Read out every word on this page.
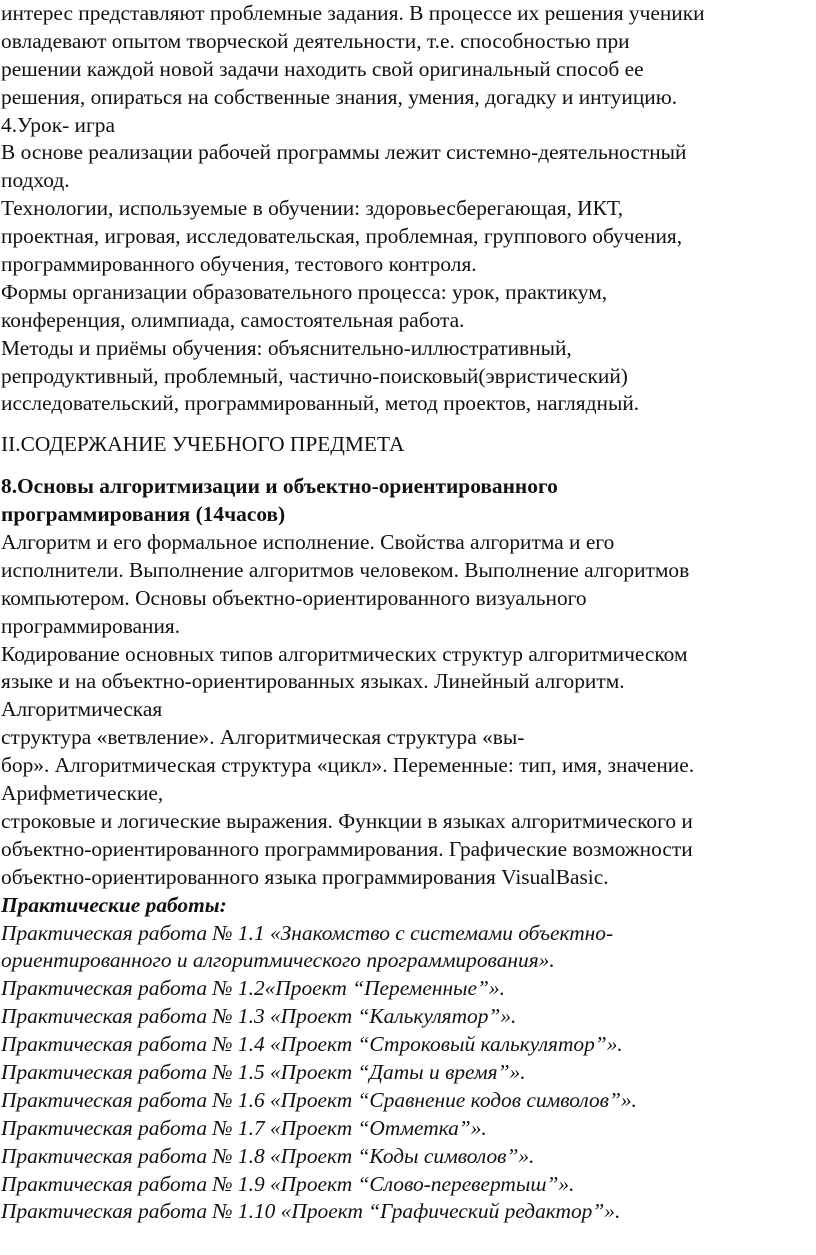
интерес представляют проблемные задания. В процессе их решения ученики
овладевают опытом творческой деятельности, т.е. способностью при
решении каждой новой задачи находить свой оригинальный способ ее
решения, опираться на собственные знания, умения, догадку и интуицию.
4.Урок- игра
В основе реализации рабочей программы лежит системно-деятельностный
подход.
Технологии, используемые в обучении: здоровьесберегающая, ИКТ,
проектная, игровая, исследовательская, проблемная, группового обучения,
программированного обучения, тестового контроля.
Формы организации образовательного процесса: урок, практикум,
конференция, олимпиада, самостоятельная работа.
Методы и приёмы обучения: объяснительно-иллюстративный,
репродуктивный, проблемный, частично-поисковый(эвристический)
исследовательский, программированный, метод проектов, наглядный.
II.СОДЕРЖАНИЕ УЧЕБНОГО ПРЕДМЕТА
8.Основы алгоритмизации и объектно-ориентированного
программирования (14часов)
Алгоритм и его формальное исполнение. Свойства алгоритма и его
исполнители. Выполнение алгоритмов человеком. Выполнение алгоритмов
компьютером. Основы объектно-ориентированного визуального
программирования.
Кодирование основных типов алгоритмических структур алгоритмическом
языке и на объектно-ориентированных языках. Линейный алгоритм.
Алгоритмическая
структура «ветвление». Алгоритмическая структура «вы-
бор». Алгоритмическая структура «цикл». Переменные: тип, имя, значение.
Арифметические,
строковые и логические выражения. Функции в языках алгоритмического и
объектно-ориентированного программирования. Графические возможности
объектно-ориентированного языка программирования VisualBasic.
Практические работы:
Практическая работа № 1.1 «Знакомство с системами объектно-
ориентированного и алгоритмического программирования».
Практическая работа № 1.2«Проект “Переменные”».
Практическая работа № 1.3 «Проект “Калькулятор”».
Практическая работа № 1.4 «Проект “Строковый калькулятор”».
Практическая работа № 1.5 «Проект “Даты и время”».
Практическая работа № 1.6 «Проект “Сравнение кодов символов”».
Практическая работа № 1.7 «Проект “Отметка”».
Практическая работа № 1.8 «Проект “Коды символов”».
Практическая работа № 1.9 «Проект “Слово-перевертыш”».
Практическая работа № 1.10 «Проект “Графический редактор”».
